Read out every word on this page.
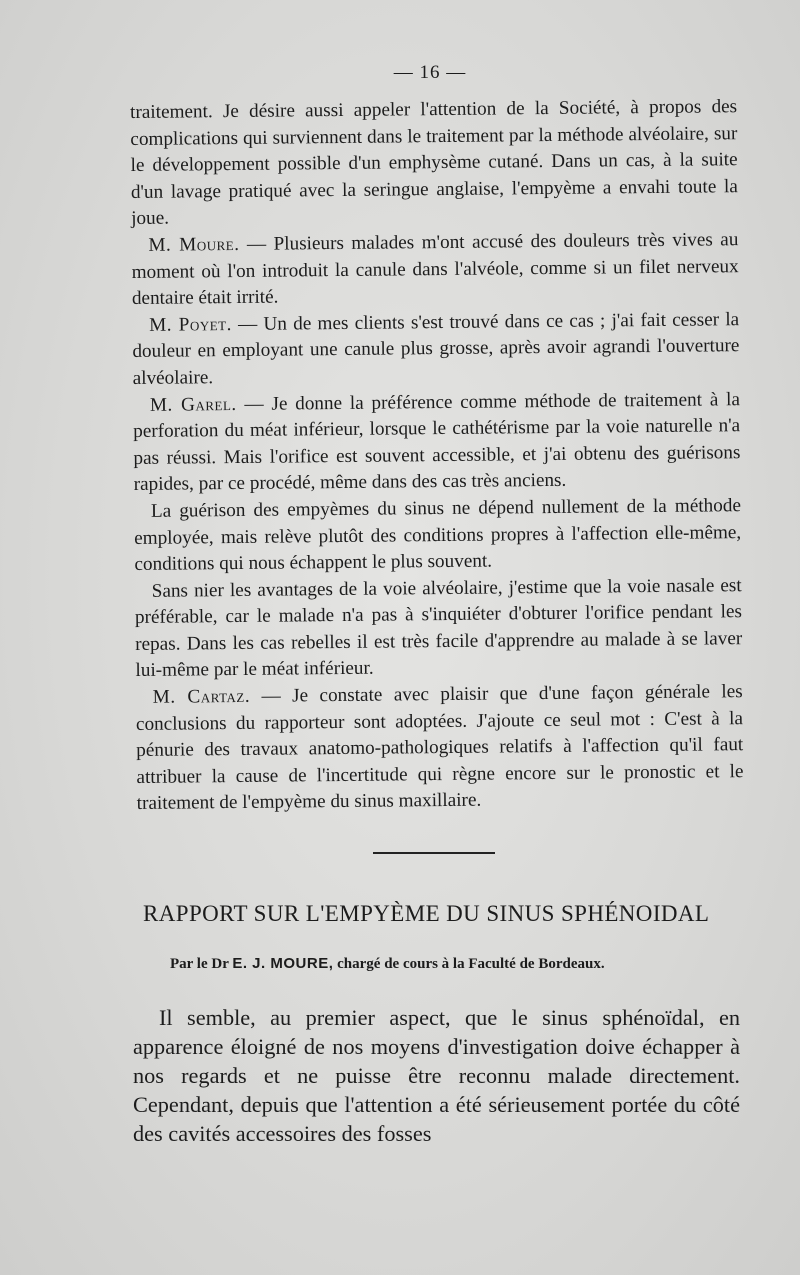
— 16 —

traitement. Je désire aussi appeler l'attention de la Société, à propos des complications qui surviennent dans le traitement par la méthode alvéolaire, sur le développement possible d'un emphysème cutané. Dans un cas, à la suite d'un lavage pratiqué avec la seringue anglaise, l'empyème a envahi toute la joue.

M. Moure. — Plusieurs malades m'ont accusé des douleurs très vives au moment où l'on introduit la canule dans l'alvéole, comme si un filet nerveux dentaire était irrité.

M. Poyet. — Un de mes clients s'est trouvé dans ce cas ; j'ai fait cesser la douleur en employant une canule plus grosse, après avoir agrandi l'ouverture alvéolaire.

M. Garel. — Je donne la préférence comme méthode de traitement à la perforation du méat inférieur, lorsque le cathétérisme par la voie naturelle n'a pas réussi. Mais l'orifice est souvent accessible, et j'ai obtenu des guérisons rapides, par ce procédé, même dans des cas très anciens.

La guérison des empyèmes du sinus ne dépend nullement de la méthode employée, mais relève plutôt des conditions propres à l'affection elle-même, conditions qui nous échappent le plus souvent.

Sans nier les avantages de la voie alvéolaire, j'estime que la voie nasale est préférable, car le malade n'a pas à s'inquiéter d'obturer l'orifice pendant les repas. Dans les cas rebelles il est très facile d'apprendre au malade à se laver lui-même par le méat inférieur.

M. Cartaz. — Je constate avec plaisir que d'une façon générale les conclusions du rapporteur sont adoptées. J'ajoute ce seul mot : C'est à la pénurie des travaux anatomo-pathologiques relatifs à l'affection qu'il faut attribuer la cause de l'incertitude qui règne encore sur le pronostic et le traitement de l'empyème du sinus maxillaire.

RAPPORT SUR L'EMPYÈME DU SINUS SPHÉNOIDAL
Par le Dr E. J. MOURE, chargé de cours à la Faculté de Bordeaux.

Il semble, au premier aspect, que le sinus sphénoïdal, en apparence éloigné de nos moyens d'investigation doive échapper à nos regards et ne puisse être reconnu malade directement. Cependant, depuis que l'attention a été sérieusement portée du côté des cavités accessoires des fosses
